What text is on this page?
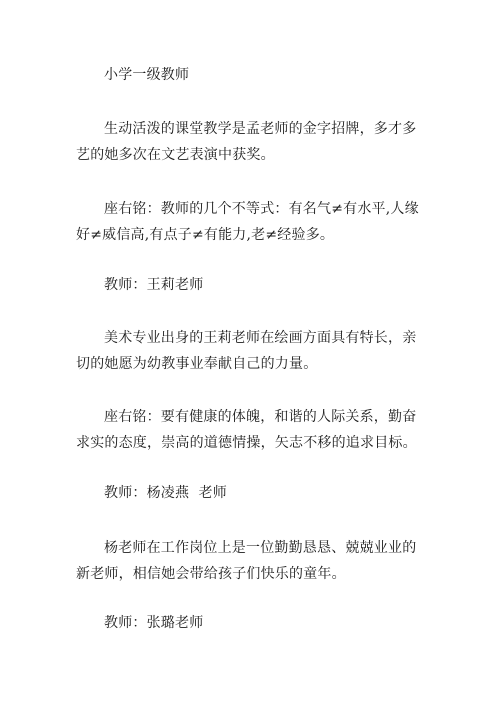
小学一级教师

生动活泼的课堂教学是孟老师的金字招牌，多才多艺的她多次在文艺表演中获奖。

座右铭：教师的几个不等式：有名气≠有水平,人缘好≠威信高,有点子≠有能力,老≠经验多。

教师：王莉老师

美术专业出身的王莉老师在绘画方面具有特长，亲切的她愿为幼教事业奉献自己的力量。

座右铭：要有健康的体魄，和谐的人际关系，勤奋求实的态度，崇高的道德情操，矢志不移的追求目标。

教师：杨凌燕  老师

杨老师在工作岗位上是一位勤勤恳恳、兢兢业业的新老师，相信她会带给孩子们快乐的童年。

教师：张璐老师
